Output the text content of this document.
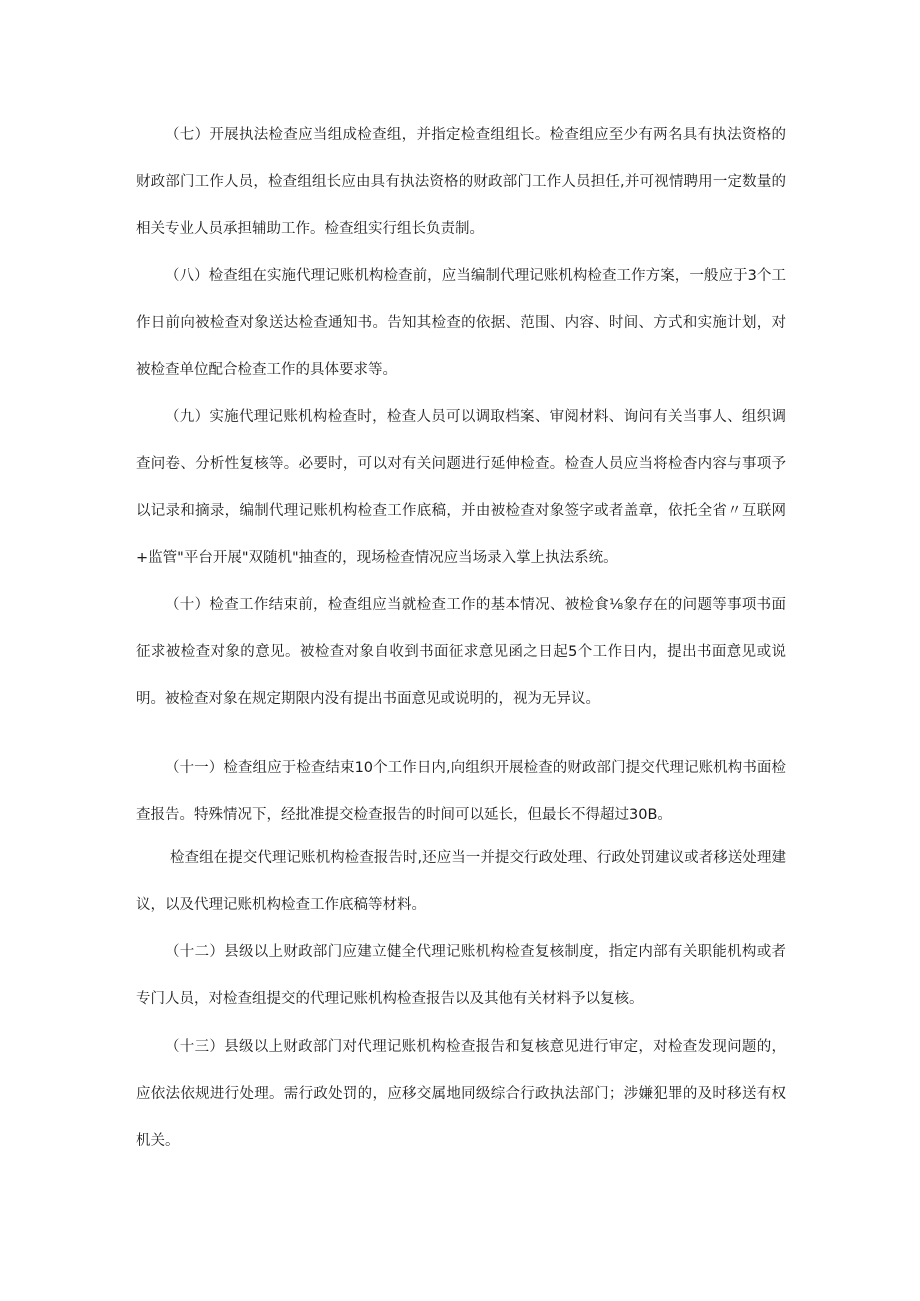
（七）开展执法检查应当组成检查组，并指定检查组组长。检查组应至少有两名具有执法资格的财政部门工作人员，检查组组长应由具有执法资格的财政部门工作人员担任,并可视情聘用一定数量的相关专业人员承担辅助工作。检查组实行组长负责制。

（八）检查组在实施代理记账机构检查前，应当编制代理记账机构检查工作方案，一般应于3个工作日前向被检查对象送达检查通知书。告知其检查的依据、范围、内容、时间、方式和实施计划，对被检查单位配合检查工作的具体要求等。

（九）实施代理记账机构检查时，检查人员可以调取档案、审阅材料、询问有关当事人、组织调查问卷、分析性复核等。必要时，可以对有关问题进行延伸检查。检查人员应当将检杳内容与事项予以记录和摘录，编制代理记账机构检查工作底稿，并由被检查对象签字或者盖章，依托全省〃互联网+监管"平台开展"双随机"抽查的，现场检查情况应当场录入掌上执法系统。

（十）检查工作结束前，检查组应当就检查工作的基本情况、被检食⅛象存在的问题等事项书面征求被检查对象的意见。被检查对象自收到书面征求意见函之日起5个工作日内，提出书面意见或说明。被检查对象在规定期限内没有提出书面意见或说明的，视为无异议。

（十一）检查组应于检查结束10个工作日内,向组织开展检查的财政部门提交代理记账机构书面检查报告。特殊情况下，经批准提交检查报告的时间可以延长，但最长不得超过30B。

检查组在提交代理记账机构检查报告时,还应当一并提交行政处理、行政处罚建议或者移送处理建议，以及代理记账机构检查工作底稿等材料。

（十二）县级以上财政部门应建立健全代理记账机构检查复核制度，指定内部有关职能机构或者专门人员，对检查组提交的代理记账机构检查报告以及其他有关材料予以复核。

（十三）县级以上财政部门对代理记账机构检查报告和复核意见进行审定，对检查发现问题的，应依法依规进行处理。需行政处罚的，应移交属地同级综合行政执法部门；涉嫌犯罪的及时移送有权机关。
